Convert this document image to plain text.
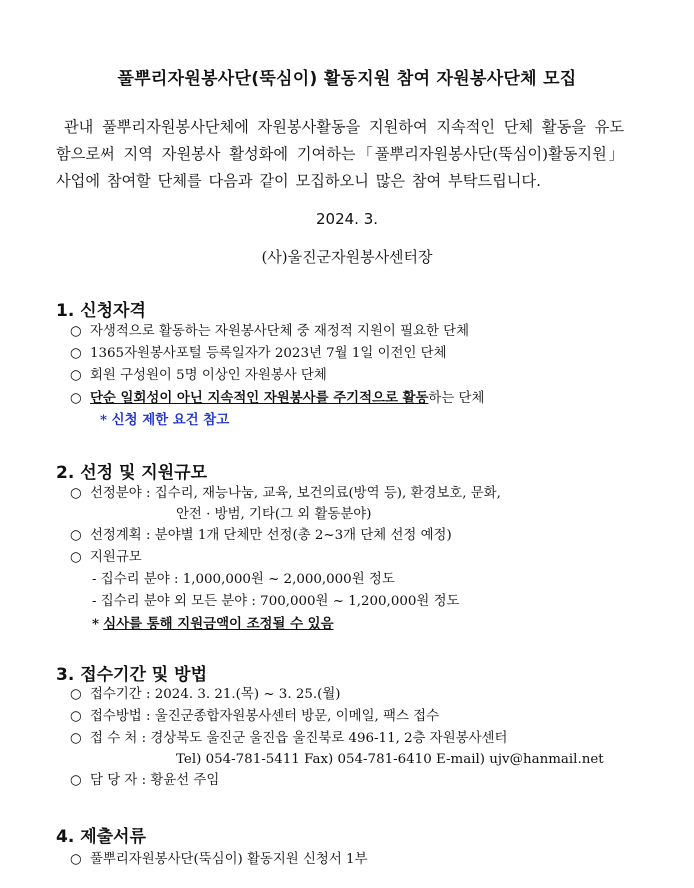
풀뿌리자원봉사단(뚝심이) 활동지원 참여 자원봉사단체 모집
관내 풀뿌리자원봉사단체에 자원봉사활동을 지원하여 지속적인 단체 활동을 유도함으로써 지역 자원봉사 활성화에 기여하는「풀뿌리자원봉사단(뚝심이)활동지원」사업에 참여할 단체를 다음과 같이 모집하오니 많은 참여 부탁드립니다.
2024. 3.
(사)울진군자원봉사센터장
1. 신청자격
○ 자생적으로 활동하는 자원봉사단체 중 재정적 지원이 필요한 단체
○ 1365자원봉사포털 등록일자가 2023년 7월 1일 이전인 단체
○ 회원 구성원이 5명 이상인 자원봉사 단체
○ 단순 일회성이 아닌 지속적인 자원봉사를 주기적으로 활동하는 단체
* 신청 제한 요건 참고
2. 선정 및 지원규모
○ 선정분야 : 집수리, 재능나눔, 교육, 보건의료(방역 등), 환경보호, 문화,
안전 · 방범, 기타(그 외 활동분야)
○ 선정계획 : 분야별 1개 단체만 선정(총 2~3개 단체 선정 예정)
○ 지원규모
- 집수리 분야 : 1,000,000원 ~ 2,000,000원 정도
- 집수리 분야 외 모든 분야 : 700,000원 ~ 1,200,000원 정도
* 심사를 통해 지원금액이 조정될 수 있음
3. 접수기간 및 방법
○ 접수기간 : 2024. 3. 21.(목) ~ 3. 25.(월)
○ 접수방법 : 울진군종합자원봉사센터 방문, 이메일, 팩스 접수
○ 접 수 처 : 경상북도 울진군 울진읍 울진북로 496-11, 2층 자원봉사센터
Tel) 054-781-5411 Fax) 054-781-6410 E-mail) ujv@hanmail.net
○ 담 당 자 : 황윤선 주임
4. 제출서류
○ 풀뿌리자원봉사단(뚝심이) 활동지원 신청서 1부
